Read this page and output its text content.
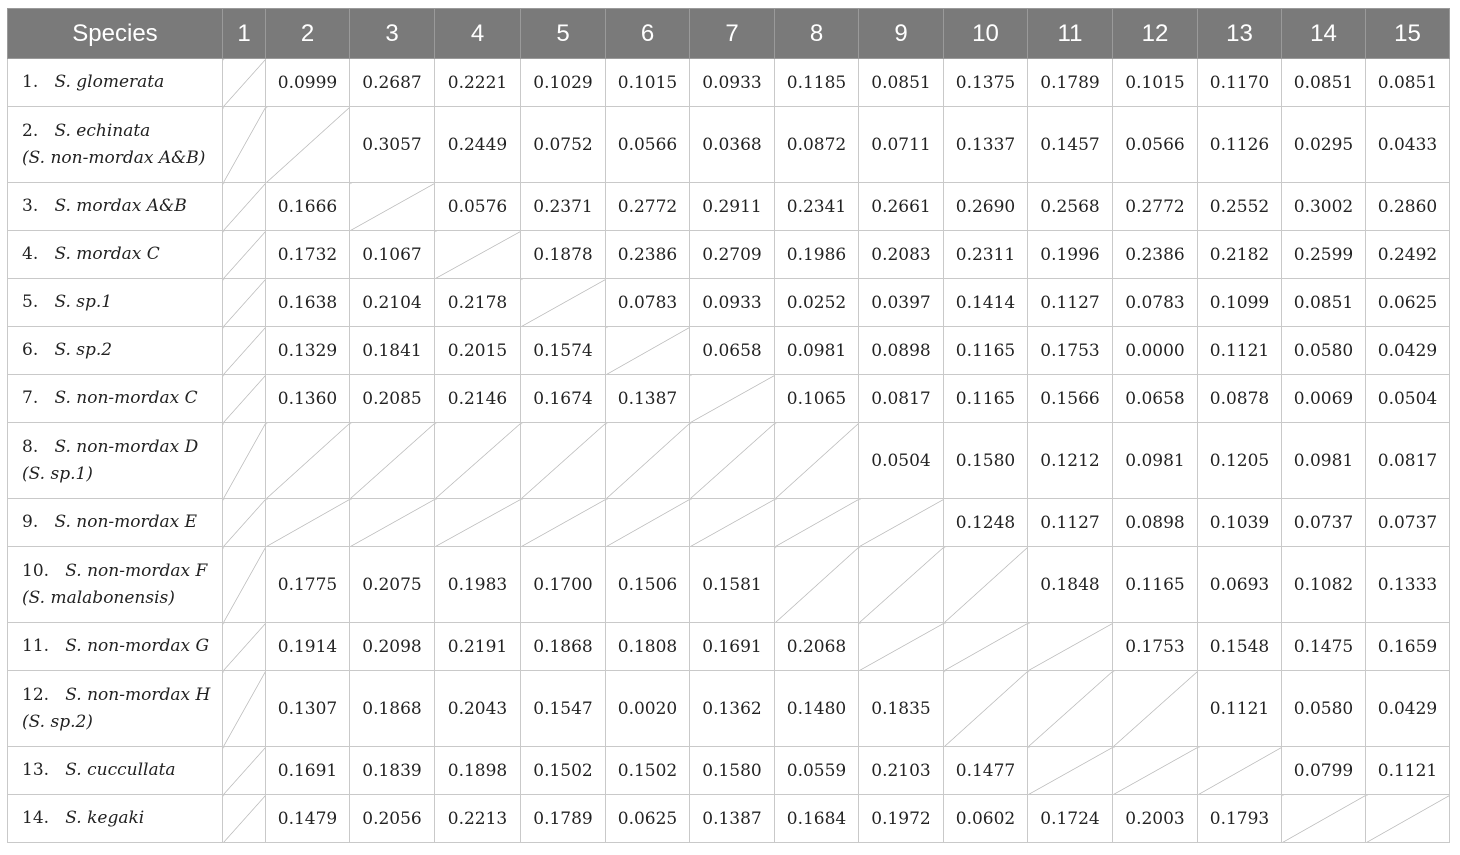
Species	1	2	3	4	5	6	7	8	9	10	11	12	13	14	15
1. S. glomerata		0.0999	0.2687	0.2221	0.1029	0.1015	0.0933	0.1185	0.0851	0.1375	0.1789	0.1015	0.1170	0.0851	0.0851
2. S. echinata
(S. non-mordax A&B)			0.3057	0.2449	0.0752	0.0566	0.0368	0.0872	0.0711	0.1337	0.1457	0.0566	0.1126	0.0295	0.0433
3. S. mordax A&B		0.1666		0.0576	0.2371	0.2772	0.2911	0.2341	0.2661	0.2690	0.2568	0.2772	0.2552	0.3002	0.2860
4. S. mordax C		0.1732	0.1067		0.1878	0.2386	0.2709	0.1986	0.2083	0.2311	0.1996	0.2386	0.2182	0.2599	0.2492
5. S. sp.1		0.1638	0.2104	0.2178		0.0783	0.0933	0.0252	0.0397	0.1414	0.1127	0.0783	0.1099	0.0851	0.0625
6. S. sp.2		0.1329	0.1841	0.2015	0.1574		0.0658	0.0981	0.0898	0.1165	0.1753	0.0000	0.1121	0.0580	0.0429
7. S. non-mordax C		0.1360	0.2085	0.2146	0.1674	0.1387		0.1065	0.0817	0.1165	0.1566	0.0658	0.0878	0.0069	0.0504
8. S. non-mordax D
(S. sp.1)									0.0504	0.1580	0.1212	0.0981	0.1205	0.0981	0.0817
9. S. non-mordax E										0.1248	0.1127	0.0898	0.1039	0.0737	0.0737
10. S. non-mordax F
(S. malabonensis)		0.1775	0.2075	0.1983	0.1700	0.1506	0.1581				0.1848	0.1165	0.0693	0.1082	0.1333
11. S. non-mordax G		0.1914	0.2098	0.2191	0.1868	0.1808	0.1691	0.2068				0.1753	0.1548	0.1475	0.1659
12. S. non-mordax H
(S. sp.2)		0.1307	0.1868	0.2043	0.1547	0.0020	0.1362	0.1480	0.1835				0.1121	0.0580	0.0429
13. S. cuccullata		0.1691	0.1839	0.1898	0.1502	0.1502	0.1580	0.0559	0.2103	0.1477				0.0799	0.1121
14. S. kegaki		0.1479	0.2056	0.2213	0.1789	0.0625	0.1387	0.1684	0.1972	0.0602	0.1724	0.2003	0.1793		
